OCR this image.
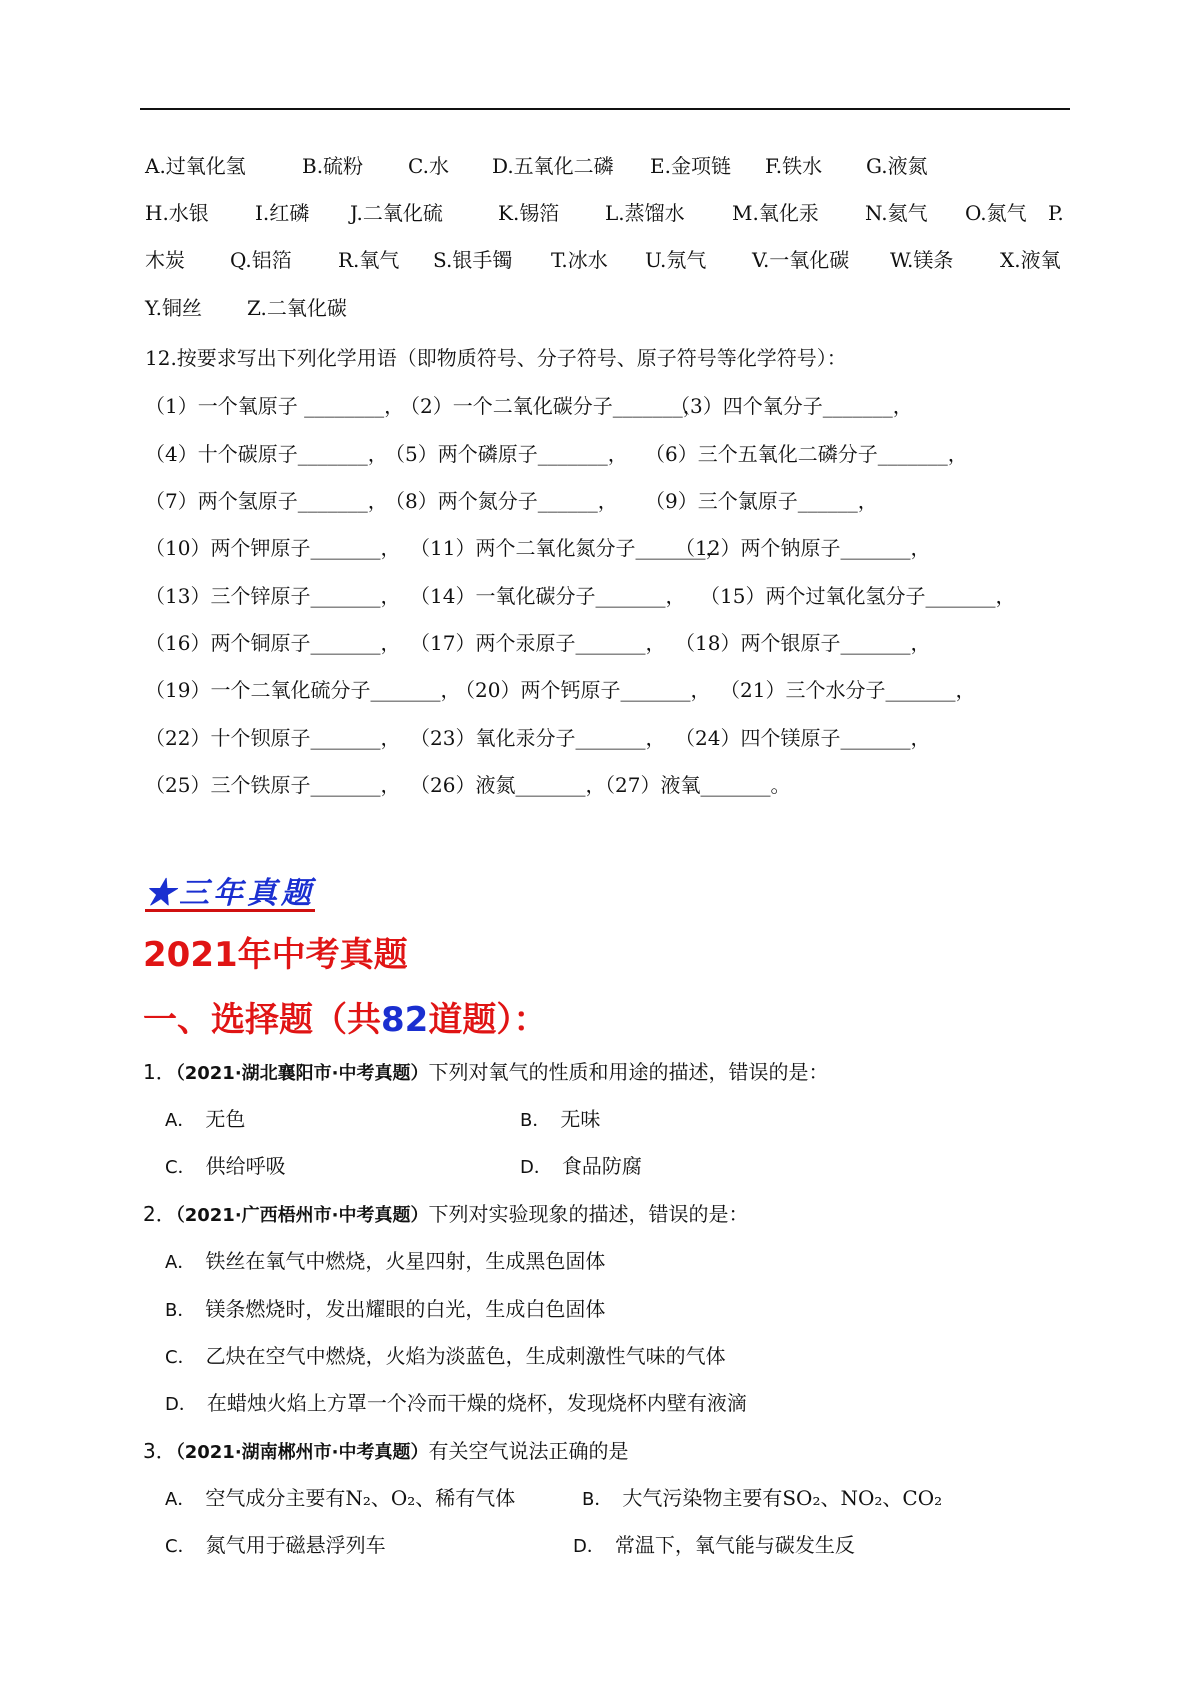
A.过氧化氢	B.硫粉 C.水 D.五氧化二磷 E.金项链 F.铁水 G.液氮
H.水银 I.红磷 J.二氧化硫	K.锡箔 L.蒸馏水 M.氧化汞 N.氦气 O.氮气 P.
木炭 Q.铝箔 R.氧气 S.银手镯 T.冰水 U.氖气 V.一氧化碳 W.镁条 X.液氧
Y.铜丝 Z.二氧化碳
12.按要求写出下列化学用语（即物质符号、分子符号、原子符号等化学符号）：
（1）一个氧原子 ________，
（2）一个二氧化碳分子_______，
（3）四个氧分子_______，
（4）十个碳原子_______，
（5）两个磷原子_______， （6）三个五氧化二磷分子_______，
（7）两个氢原子_______，
（8）两个氮分子______， （9）三个氯原子______，
（10）两个钾原子_______， （11）两个二氧化氮分子_______，
（12）两个钠原子_______，
（13）三个锌原子_______， （14）一氧化碳分子_______， （15）两个过氧化氢分子_______，
（16）两个铜原子_______， （17）两个汞原子_______， （18）两个银原子_______，
（19）一个二氧化硫分子_______，
（20）两个钙原子_______， （21）三个水分子_______，
（22）十个钡原子_______， （23）氧化汞分子_______， （24）四个镁原子_______，
（25）三个铁原子_______， （26）液氮_______，
（27）液氧_______。
★三年真题
2021年中考真题
一、选择题（共82道题）：
1．（2021·湖北襄阳市·中考真题）下列对氧气的性质和用途的描述，错误的是：
A． 无色	B． 无味
C． 供给呼吸	D． 食品防腐
2．（2021·广西梧州市·中考真题）下列对实验现象的描述，错误的是：
A． 铁丝在氧气中燃烧，火星四射，生成黑色固体
B． 镁条燃烧时，发出耀眼的白光，生成白色固体
C． 乙炔在空气中燃烧，火焰为淡蓝色，生成刺激性气味的气体
D． 在蜡烛火焰上方罩一个冷而干燥的烧杯，发现烧杯内壁有液滴
3．（2021·湖南郴州市·中考真题）有关空气说法正确的是
A． 空气成分主要有N₂、O₂、稀有气体	B． 大气污染物主要有SO₂、NO₂、CO₂
C． 氮气用于磁悬浮列车	D． 常温下，氧气能与碳发生反
